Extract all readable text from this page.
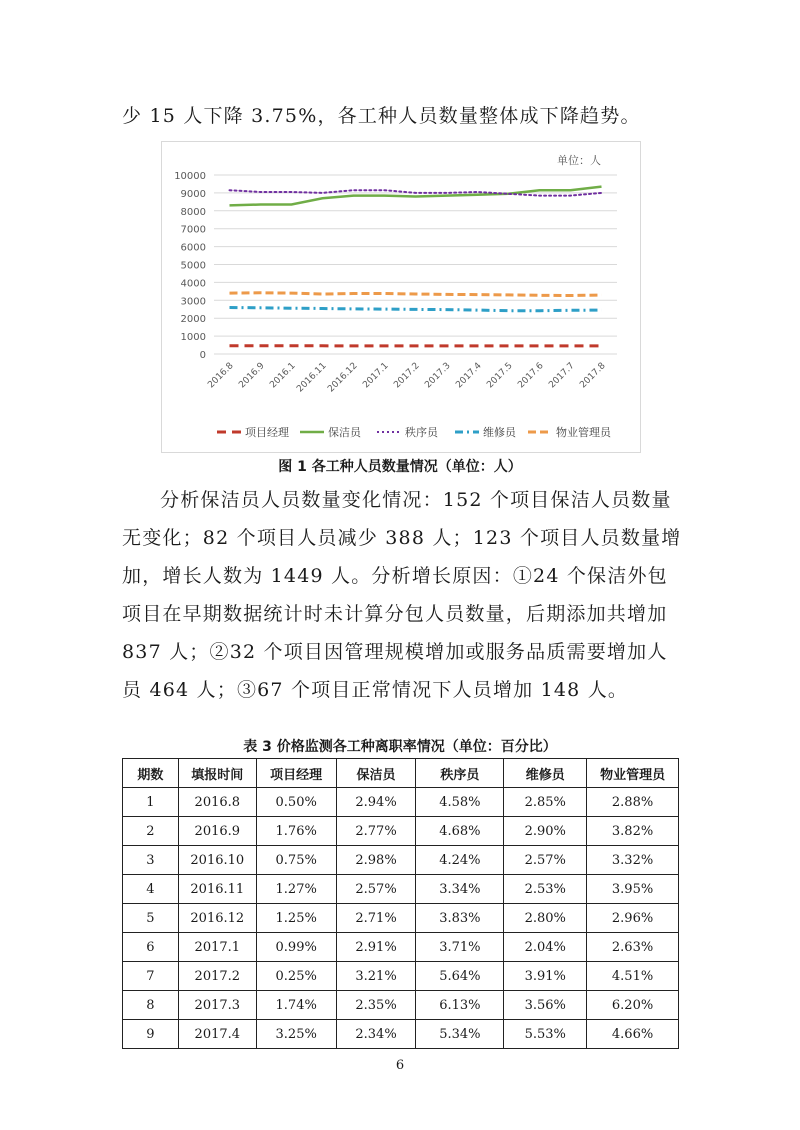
少 15 人下降 3.75%，各工种人员数量整体成下降趋势。

单位：人
0
1000
2000
3000
4000
5000
6000
7000
8000
9000
10000
2016.8 2016.9 2016.1
2016.11
2016.12 2017.1 2017.2 2017.3 2017.4 2017.5 2017.6 2017.7 2017.8
项目经理	保洁员	秩序员	维修员	物业管理员
图 1 各工种人员数量情况（单位：人）

分析保洁员人员数量变化情况：152 个项目保洁人员数量无变化；82 个项目人员减少 388 人；123 个项目人员数量增加，增长人数为 1449 人。分析增长原因：①24 个保洁外包项目在早期数据统计时未计算分包人员数量，后期添加共增加 837 人；②32 个项目因管理规模增加或服务品质需要增加人员 464 人；③67 个项目正常情况下人员增加 148 人。

表 3 价格监测各工种离职率情况（单位：百分比）
期数	填报时间	项目经理	保洁员	秩序员	维修员	物业管理员
1	2016.8	0.50%	2.94%	4.58%	2.85%	2.88%
2	2016.9	1.76%	2.77%	4.68%	2.90%	3.82%
3	2016.10	0.75%	2.98%	4.24%	2.57%	3.32%
4	2016.11	1.27%	2.57%	3.34%	2.53%	3.95%
5	2016.12	1.25%	2.71%	3.83%	2.80%	2.96%
6	2017.1	0.99%	2.91%	3.71%	2.04%	2.63%
7	2017.2	0.25%	3.21%	5.64%	3.91%	4.51%
8	2017.3	1.74%	2.35%	6.13%	3.56%	6.20%
9	2017.4	3.25%	2.34%	5.34%	5.53%	4.66%
6
